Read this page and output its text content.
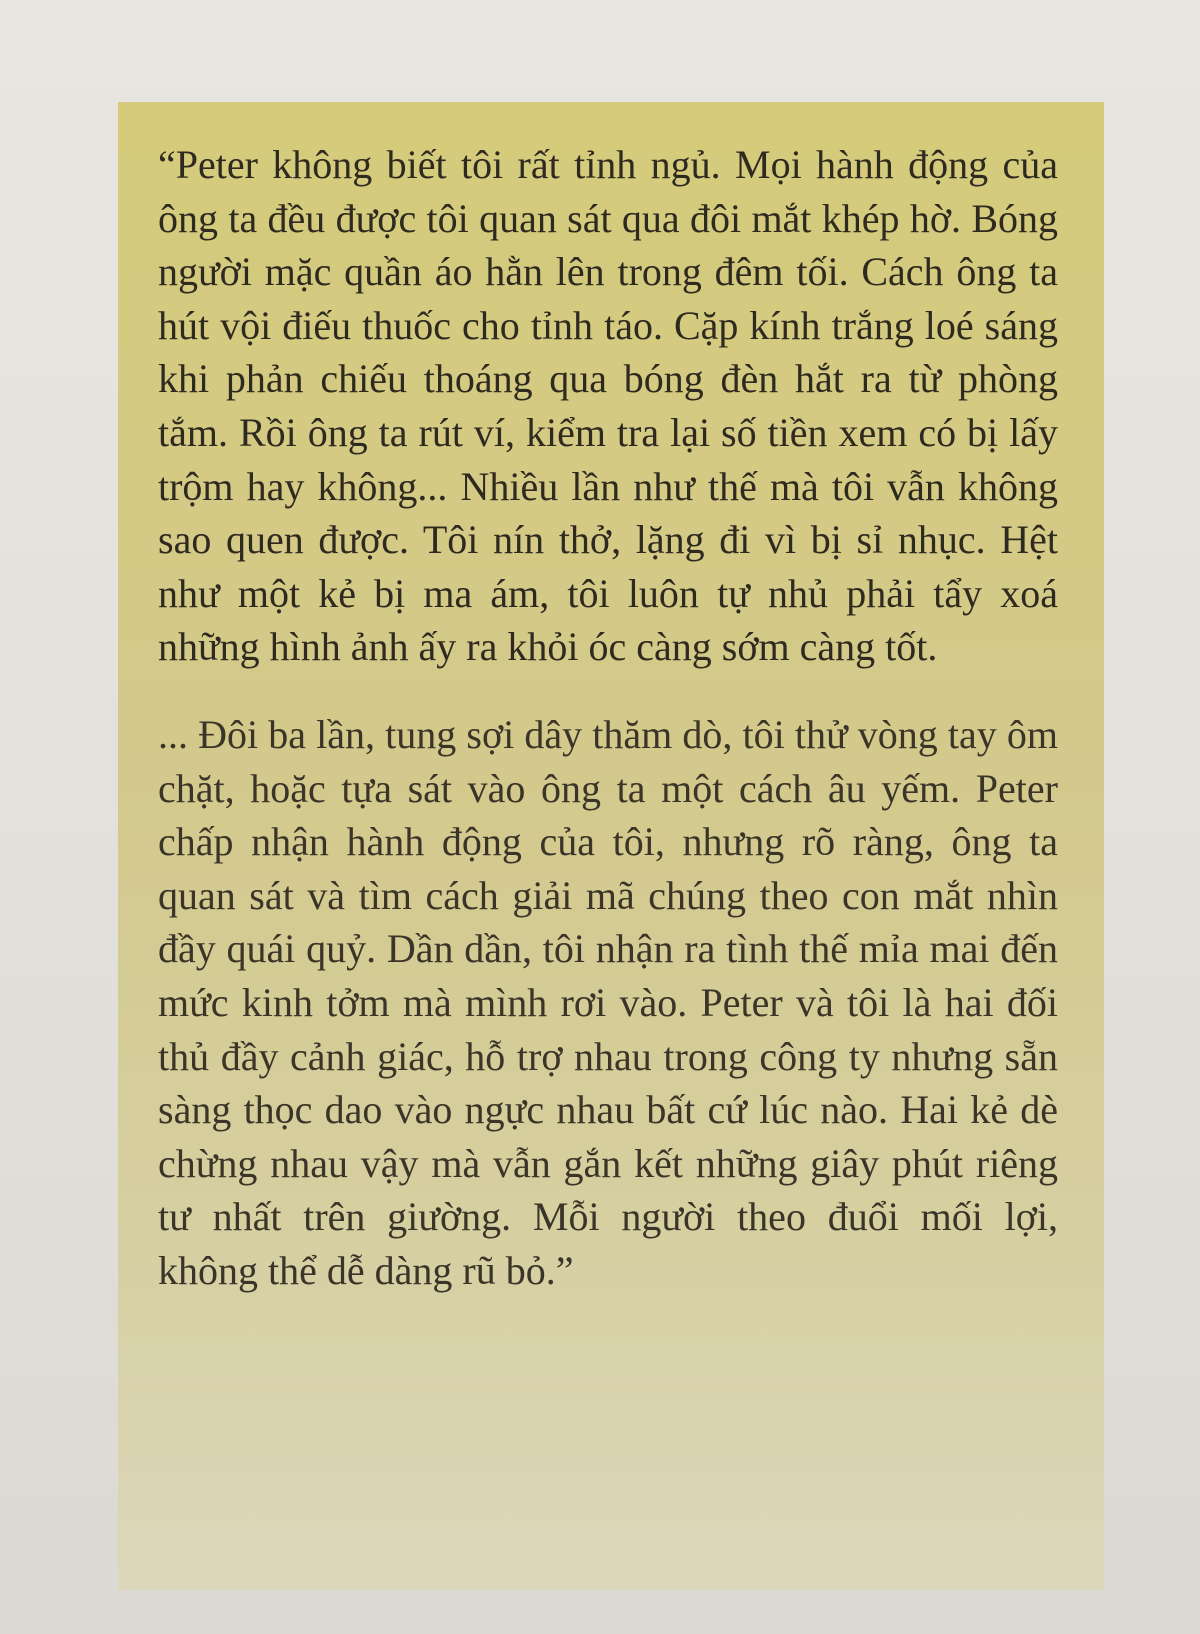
“Peter không biết tôi rất tỉnh ngủ. Mọi hành động của ông ta đều được tôi quan sát qua đôi mắt khép hờ. Bóng người mặc quần áo hằn lên trong đêm tối. Cách ông ta hút vội điếu thuốc cho tỉnh táo. Cặp kính trắng loé sáng khi phản chiếu thoáng qua bóng đèn hắt ra từ phòng tắm. Rồi ông ta rút ví, kiểm tra lại số tiền xem có bị lấy trộm hay không... Nhiều lần như thế mà tôi vẫn không sao quen được. Tôi nín thở, lặng đi vì bị sỉ nhục. Hệt như một kẻ bị ma ám, tôi luôn tự nhủ phải tẩy xoá những hình ảnh ấy ra khỏi óc càng sớm càng tốt.

... Đôi ba lần, tung sợi dây thăm dò, tôi thử vòng tay ôm chặt, hoặc tựa sát vào ông ta một cách âu yếm. Peter chấp nhận hành động của tôi, nhưng rõ ràng, ông ta quan sát và tìm cách giải mã chúng theo con mắt nhìn đầy quái quỷ. Dần dần, tôi nhận ra tình thế mỉa mai đến mức kinh tởm mà mình rơi vào. Peter và tôi là hai đối thủ đầy cảnh giác, hỗ trợ nhau trong công ty nhưng sẵn sàng thọc dao vào ngực nhau bất cứ lúc nào. Hai kẻ dè chừng nhau vậy mà vẫn gắn kết những giây phút riêng tư nhất trên giường. Mỗi người theo đuổi mối lợi, không thể dễ dàng rũ bỏ.”
